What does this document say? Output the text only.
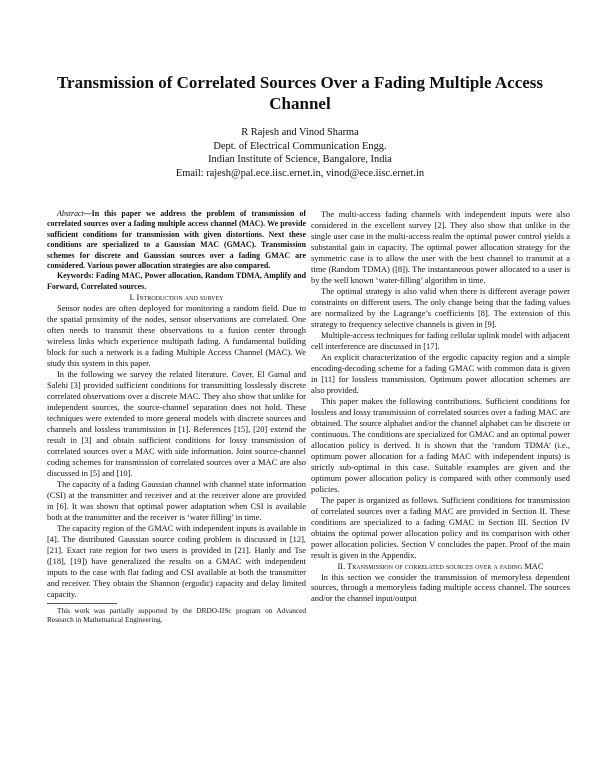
Transmission of Correlated Sources Over a Fading Multiple Access Channel
R Rajesh and Vinod Sharma
Dept. of Electrical Communication Engg.
Indian Institute of Science, Bangalore, India
Email: rajesh@pal.ece.iisc.ernet.in, vinod@ece.iisc.ernet.in

Abstract—In this paper we address the problem of transmission of correlated sources over a fading multiple access channel (MAC). We provide sufficient conditions for transmission with given distortions. Next these conditions are specialized to a Gaussian MAC (GMAC). Transmission schemes for discrete and Gaussian sources over a fading GMAC are considered. Various power allocation strategies are also compared.

Keywords: Fading MAC, Power allocation, Random TDMA, Amplify and Forward, Correlated sources.

I. Introduction and survey

Sensor nodes are often deployed for monitoring a random field. Due to the spatial proximity of the nodes, sensor observations are correlated. One often needs to transmit these observations to a fusion center through wireless links which experience multipath fading. A fundamental building block for such a network is a fading Multiple Access Channel (MAC). We study this system in this paper.

In the following we survey the related literature. Cover, El Gamal and Salehi [3] provided sufficient conditions for transmitting losslessly discrete correlated observations over a discrete MAC. They also show that unlike for independent sources, the source-channel separation does not hold. These techniques were extended to more general models with discrete sources and channels and lossless transmission in [1]. References [15], [20] extend the result in [3] and obtain sufficient conditions for lossy transmission of correlated sources over a MAC with side information. Joint source-channel coding schemes for transmission of correlated sources over a MAC are also discussed in [5] and [10].

The capacity of a fading Gaussian channel with channel state information (CSI) at the transmitter and receiver and at the receiver alone are provided in [6]. It was shown that optimal power adaptation when CSI is available both at the transmitter and the receiver is ‘water filling’ in time.

The capacity region of the GMAC with independent inputs is available in [4]. The distributed Gaussian source coding problem is discussed in [12], [21]. Exact rate region for two users is provided in [21]. Hanly and Tse ([18], [19]) have generalized the results on a GMAC with independent inputs to the case with flat fading and CSI available at both the transmitter and receiver. They obtain the Shannon (ergodic) capacity and delay limited capacity.

This work was partially supported by the DRDO-IISc program on Advanced Research in Mathematical Engineering.

The multi-access fading channels with independent inputs were also considered in the excellent survey [2]. They also show that unlike in the single user case in the multi-access realm the optimal power control yields a substantial gain in capacity. The optimal power allocation strategy for the symmetric case is to allow the user with the best channel to transmit at a time (Random TDMA) ([8]). The instantaneous power allocated to a user is by the well known ‘water-filling’ algorithm in time.

The optimal strategy is also valid when there is different average power constraints on different users. The only change being that the fading values are normalized by the Lagrange’s coefficients [8]. The extension of this strategy to frequency selective channels is given in [9].

Multiple-access techniques for fading cellular uplink model with adjacent cell interference are discussed in [17].

An explicit characterization of the ergodic capacity region and a simple encoding-decoding scheme for a fading GMAC with common data is given in [11] for lossless transmission. Optimum power allocation schemes are also provided.

This paper makes the following contributions. Sufficient conditions for lossless and lossy transmission of correlated sources over a fading MAC are obtained. The source alphabet and/or the channel alphabet can be discrete or continuous. The conditions are specialized for GMAC and an optimal power allocation policy is derived. It is shown that the ‘random TDMA’ (i.e., optimum power allocation for a fading MAC with independent inputs) is strictly sub-optimal in this case. Suitable examples are given and the optimum power allocation policy is compared with other commonly used policies.

The paper is organized as follows. Sufficient conditions for transmission of correlated sources over a fading MAC are provided in Section II. These conditions are specialized to a fading GMAC in Section III. Section IV obtains the optimal power allocation policy and its comparison with other power allocation policies. Section V concludes the paper. Proof of the main result is given in the Appendix.

II. Transmission of correlated sources over a fading MAC

In this section we consider the transmission of memoryless dependent sources, through a memoryless fading multiple access channel. The sources and/or the channel input/output
